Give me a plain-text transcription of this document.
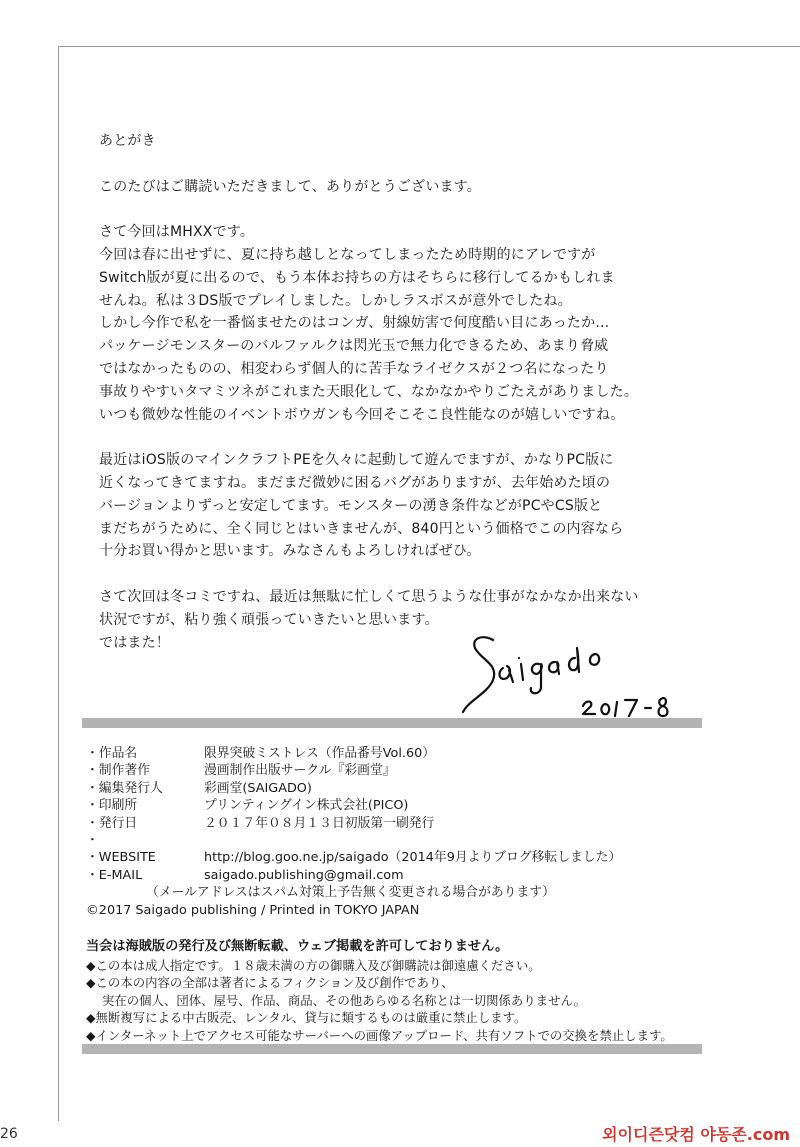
あとがき

このたびはご購読いただきまして、ありがとうございます。

さて今回はMHXXです。

今回は春に出せずに、夏に持ち越しとなってしまったため時期的にアレですが

Switch版が夏に出るので、もう本体お持ちの方はそちらに移行してるかもしれま

せんね。私は３DS版でプレイしました。しかしラスボスが意外でしたね。

しかし今作で私を一番悩ませたのはコンガ、射線妨害で何度酷い目にあったか…

パッケージモンスターのバルファルクは閃光玉で無力化できるため、あまり脅威

ではなかったものの、相変わらず個人的に苦手なライゼクスが２つ名になったり

事故りやすいタマミツネがこれまた天眼化して、なかなかやりごたえがありました。

いつも微妙な性能のイベントボウガンも今回そこそこ良性能なのが嬉しいですね。

最近はiOS版のマインクラフトPEを久々に起動して遊んでますが、かなりPC版に

近くなってきてますね。まだまだ微妙に困るバグがありますが、去年始めた頃の

バージョンよりずっと安定してます。モンスターの湧き条件などがPCやCS版と

まだちがうために、全く同じとはいきませんが、840円という価格でこの内容なら

十分お買い得かと思います。みなさんもよろしければぜひ。

さて次回は冬コミですね、最近は無駄に忙しくて思うような仕事がなかなか出来ない

状況ですが、粘り強く頑張っていきたいと思います。

ではまた！

・作品名	限界突破ミストレス（作品番号Vol.60）
・制作著作	漫画制作出版サークル『彩画堂』
・編集発行人	彩画堂(SAIGADO)
・印刷所	プリンティングイン株式会社(PICO)
・発行日	２０１７年０８月１３日初版第一刷発行
・
・WEBSITE	http://blog.goo.ne.jp/saigado（2014年9月よりブログ移転しました）
・E-MAIL	saigado.publishing@gmail.com
（メールアドレスはスパム対策上予告無く変更される場合があります）
©2017 Saigado publishing / Printed in TOKYO JAPAN
当会は海賊版の発行及び無断転載、ウェブ掲載を許可しておりません。
◆この本は成人指定です。１８歳未満の方の御購入及び御購読は御遠慮ください。
◆この本の内容の全部は著者によるフィクション及び創作であり、
実在の個人、団体、屋号、作品、商品、その他あらゆる名称とは一切関係ありません。
◆無断複写による中古販売、レンタル、貸与に類するものは厳重に禁止します。
◆インターネット上でアクセス可能なサーバーへの画像アップロード、共有ソフトでの交換を禁止します。
26	외이디즌닷컴 야동존.com
